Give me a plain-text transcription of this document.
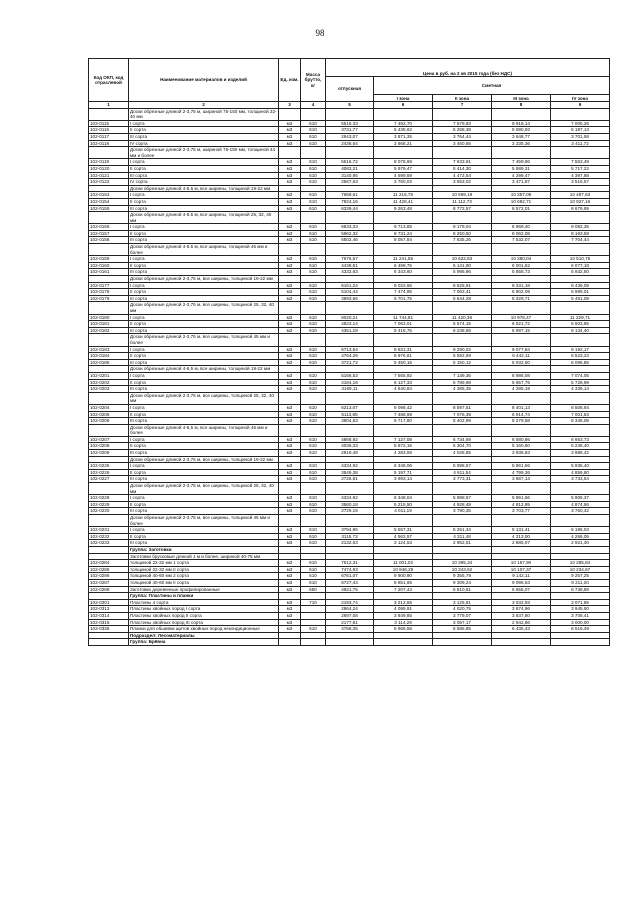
98
Код ОКП, код отраслевой	Наименование материалов и изделий	Ед. изм.	Масса брутто, кг	Цена в руб. на 2 кв 2015 года (без НДС)				
				отпускная	Сметная			
					I зона	II зона	III зона	IV зона
1	2	3	4	5	6	7	8	9
	Доски обрезные длиной 2-3,75 м, шириной 75-150 мм, толщиной 32-40 мм							
102-0115	I сорта	м3	610	5516.33	7 492,70	7 679,83	9 918,14	7 005,26
102-0116	II сорта	м3	610	3731,77	5 435,62	5 268,38	5 080,93	5 197,13
102-0117	III сорта	м3	610	2943,07	3 871,35	3 764,44	3 648,77	3 701,58
102-0118	IV сорта	м3	610	2436,64	3 668,21	3 460,65	3 335,36	3 411,72
	Доски обрезные длиной 2-3,75 м, шириной 75-150 мм, толщиной 44 мм и более							
102-0119	I сорта	м3	610	5516,72	8 078,69	7 633,91	7 459,96	7 553,49
102-0120	II сорта	м3	610	4083,21	5 979,47	5 414,30	5 589,31	5 717,22
102-0121	III сорта	м3	610	3140,95	4 599,59	4 472,54	4 299,47	4 397,88
102-0122	IV сорта	м3	610	2567,63	3 760,03	3 553,02	3 471,87	3 515,57
	Доски обрезные длиной 4-6.5 м, все ширины, толщиной 19-22 мм							
102-0153	I сорта	м3	610	7659,61	11 216,75	10 599,19	10 357,09	10 487,53
102-0154	II сорта	м3	610	7824,16	11 428,41	11 112,73	10 682,71	10 927,16
102-0155	III сорта	м3	610	6339,44	9 263,48	8 772,57	8 572,01	8 679,95
	Доски обрезные длиной 4-6.5 м, все ширины, толщиной 25, 32, 40 мм							
102-0156	I сорта	м3	610	6633,33	9 713,85	9 179,04	8 969,40	9 082,35
102-0157	II сорта	м3	610	5962,32	8 731,24	8 250,50	8 062,08	8 163,59
102-0158	III сорта	м3	610	5502,46	8 057,84	7 635,26	7 532,07	7 704,44
	Доски обрезные длиной 4-6.5 м, все ширины, толщиной 45 мм и более							
102-0159	I сорта	м3	610	7676,57	11 241,55	10 622,63	10 380,04	10 510,75
102-0160	II сорта	м3	610	4438,51	6 499,75	6 141,90	6 001,62	6 077,18
102-0161	III сорта	м3	610	4332,63	6 343,60	5 995,96	5 858,73	5 932,50
	Доски обрезные длиной 2-3,75 м, все ширины, толщиной 19-22 мм							
102-0177	I сорта	м3	610	6161,24	9 022,66	8 525,91	8 331,18	8 436,09
102-0178	II сорта	м3	610	5104,44	7 474,95	7 063,41	6 902,09	6 989,01
102-0179	III сорта	м3	610	3893,56	5 701,75	5 644,28	5 329,71	5 451,08
	Доски обрезные длиной 2-3,75 м, все ширины, толщиной 25, 32, 40 мм							
102-0180	I сорта	м3	610	8020,21	11 744,81	11 420,39	10 978,47	11 229,71
102-0181	II сорта	м3	610	4823,14	7 063,01	6 674,15	6 521,72	6 603,85
102-0182	III сорта	м3	610	4351,18	6 415,76	6 238,66	5 997,15	6 134,40
	Доски обрезные длиной 2-3,75 м, все ширины, толщиной 45 мм и более							
102-0183	I сорта	м3	610	6713,54	9 831,31	9 290,02	9 077,84	9 192,17
102-0184	II сорта	м3	610	4764,26	6 976,81	6 592,69	6 442,11	6 523,23
102-0185	III сорта	м3	610	3721,72	5 450,16	5 150,12	5 032,50	5 095,86
	Доски обрезные длиной 4-6,5 м, все ширины, толщиной 19-22 мм							
102-0201	I сорта	м3	610	5166,53	7 565,92	7 149,36	6 986,08	7 074,05
102-0202	II сорта	м3	610	4184,16	6 127,33	5 789,98	5 657,75	5 728,99
102-0203	III сорта	м3	610	3169,11	4 640,84	4 385,35	4 285,19	4 339,14
	Доски обрезные длиной 2-3,75 м, все ширины, толщиной 25, 32, 40 мм							
102-0204	I сорта	м3	610	6213,07	9 098,42	8 597,51	8 401,13	8 506,94
102-0205	II сорта	м3	610	5113,85	7 488,69	7 076,39	6 914,74	7 001,83
102-0206	III сорта	м3	610	3904,53	5 717,80	5 402,99	5 279,58	5 346,08
	Доски обрезные длиной 4-6,5 м, все ширины, толщиной 45 мм и более							
102-0207	I сорта	м3	610	4866,92	7 127,08	6 734,69	6 580,86	6 663,73
102-0208	II сорта	м3	610	4036,33	5 872,16	5 304,70	5 160,80	5 238,40
102-0209	III сорта	м3	610	2919,48	4 283,59	4 028,85	3 936,83	3 988,42
	Доски обрезные длиной 2-3,75 м, все ширины, толщиной 19-22 мм							
102-0225	I сорта	м3	610	4334,92	6 348,06	5 998,57	5 861,56	5 935,40
102-0226	II сорта	м3	610	3549,38	5 197,71	4 911,54	4 799,36	4 859,80
102-0227	III сорта	м3	610	2726,81	3 993,14	3 773,31	3 687,13	3 733,54
	Доски обрезные длиной 2-3,75 м, все ширины, толщиной 25, 32, 40 мм							
102-0228	I сорта	м3	610	4334,92	6 348,04	5 998,57	5 861,56	5 906,37
102-0229	II сорта	м3	610	3560,18	5 215,50	4 928,48	4 812,95	4 874,56
102-0230	III сорта	м3	610	2729,15	4 011,19	3 790,35	3 703,77	3 750,42
	Доски обрезные длиной 2-3,75 м, все ширины, толщиной 45 мм и более							
102-0231	I сорта	м3	610	3794,95	5 557,31	5 251,34	5 131,41	5 196,03
102-0232	II сорта	м3	610	3115,73	4 562,57	4 311,48	4 213,00	4 266,05
102-0233	III сорта	м3	610	2132,63	3 124,53	2 952,51	2 885,07	2 921,40
	Группа: Заготовки							
	Заготовки брусковые длиной 1 м и более, шириной 40-75 мм							
102-0284	толщиной 22-32 мм 1 сорта	м3	610	7512,31	11 001,02	10 395,34	10 157,90	10 285,84
102-0285	толщиной 22-32 мм II сорта	м3	610	7474,93	10 946,29	10 343,62	10 107,37	10 234,67
102-0286	толщиной 40-60 мм 2 сорта	м3	610	6761,07	9 900,90	9 355,79	9 142,11	9 257,25
102-0287	толщиной 40-60 мм II сорта	м3	610	6727,43	9 851,65	9 309,24	9 096,63	9 211,20
102-0288	Заготовки деревянные профилированные	м3	650	4921,75	7 207,44	6 810,61	6 655,07	6 738,88
	Группа: Пластины и планки							
102-0301	Пластины 4 сорта	м3	710	2193,74	3 212,55	3 125,81	3 032,93	3 071,85
102-0313	Пластины хвойных пород I сорта	м3		2864,24	4 095,91	4 020,75	3 874,96	3 945,50
102-0314	Пластины хвойных пород II сорта	м3		2697,08	3 849,85	3 779,07	3 637,80	3 708,41
102-0315	Пластины хвойных пород III сорта	м3		2177,81	3 114,29	3 057,17	2 942,86	3 000,00
102-0336	Планки для обшивки щитов хвойных пород некондиционные	м3	610	4758,35	6 968,58	6 585,85	6 435,43	6 516,49
	Подраздел: Лесоматериалы							
	Группа: Брёвна							
